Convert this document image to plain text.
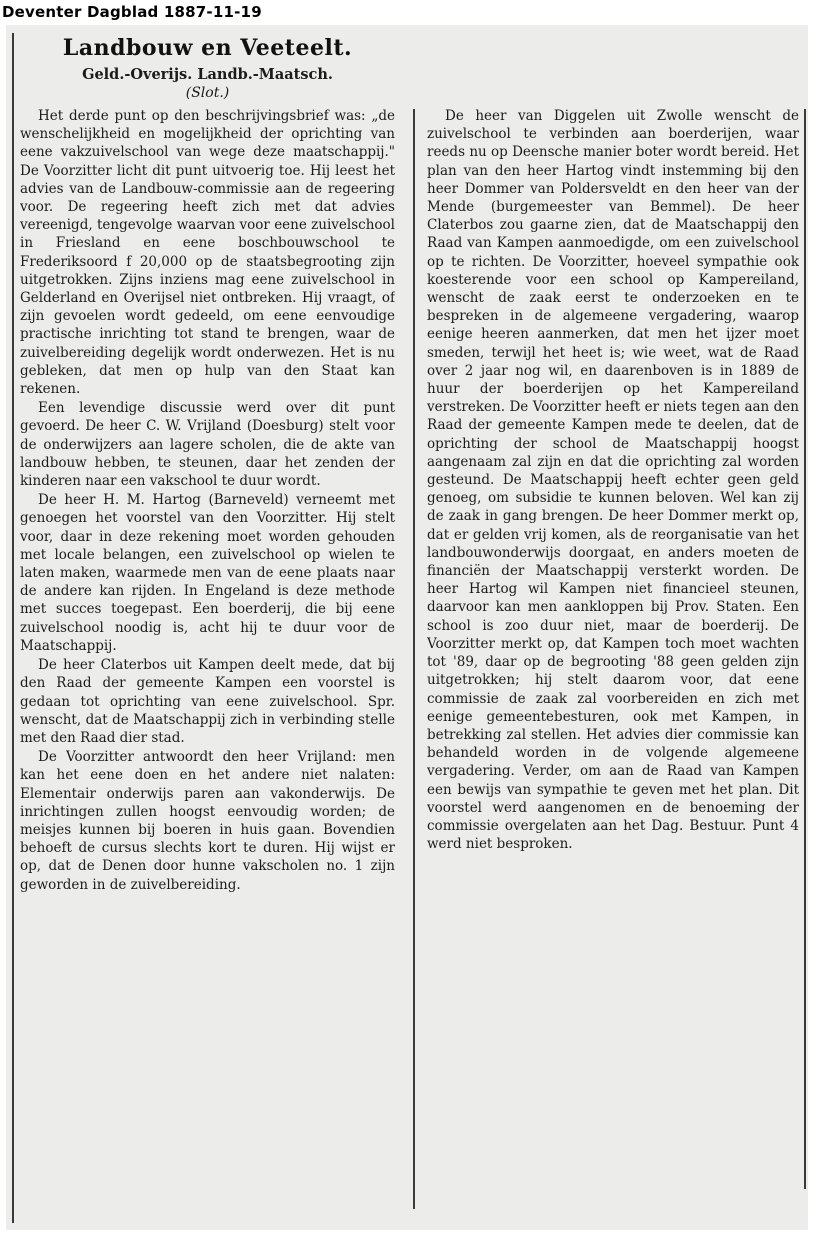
Deventer Dagblad 1887-11-19
Landbouw en Veeteelt.
Geld.-Overijs. Landb.-Maatsch.
(Slot.)

Het derde punt op den beschrijvingsbrief was: „de wenschelijkheid en mogelijkheid der oprichting van eene vakzuivelschool van wege deze maatschappij." De Voorzitter licht dit punt uitvoerig toe. Hij leest het advies van de Landbouw-commissie aan de regeering voor. De regeering heeft zich met dat advies vereenigd, tengevolge waarvan voor eene zuivelschool in Friesland en eene boschbouwschool te Frederiksoord f 20,000 op de staatsbegrooting zijn uitgetrokken. Zijns inziens mag eene zuivelschool in Gelderland en Overijsel niet ontbreken. Hij vraagt, of zijn gevoelen wordt gedeeld, om eene eenvoudige practische inrichting tot stand te brengen, waar de zuivelbereiding degelijk wordt onderwezen. Het is nu gebleken, dat men op hulp van den Staat kan rekenen.

Een levendige discussie werd over dit punt gevoerd. De heer C. W. Vrijland (Doesburg) stelt voor de onderwijzers aan lagere scholen, die de akte van landbouw hebben, te steunen, daar het zenden der kinderen naar een vakschool te duur wordt.

De heer H. M. Hartog (Barneveld) verneemt met genoegen het voorstel van den Voorzitter. Hij stelt voor, daar in deze rekening moet worden gehouden met locale belangen, een zuivelschool op wielen te laten maken, waarmede men van de eene plaats naar de andere kan rijden. In Engeland is deze methode met succes toegepast. Een boerderij, die bij eene zuivelschool noodig is, acht hij te duur voor de Maatschappij.

De heer Claterbos uit Kampen deelt mede, dat bij den Raad der gemeente Kampen een voorstel is gedaan tot oprichting van eene zuivelschool. Spr. wenscht, dat de Maatschappij zich in verbinding stelle met den Raad dier stad.

De Voorzitter antwoordt den heer Vrijland: men kan het eene doen en het andere niet nalaten: Elementair onderwijs paren aan vakonderwijs. De inrichtingen zullen hoogst eenvoudig worden; de meisjes kunnen bij boeren in huis gaan. Bovendien behoeft de cursus slechts kort te duren. Hij wijst er op, dat de Denen door hunne vakscholen no. 1 zijn geworden in de zuivelbereiding.

De heer van Diggelen uit Zwolle wenscht de zuivelschool te verbinden aan boerderijen, waar reeds nu op Deensche manier boter wordt bereid. Het plan van den heer Hartog vindt instemming bij den heer Dommer van Poldersveldt en den heer van der Mende (burgemeester van Bemmel). De heer Claterbos zou gaarne zien, dat de Maatschappij den Raad van Kampen aanmoedigde, om een zuivelschool op te richten. De Voorzitter, hoeveel sympathie ook koesterende voor een school op Kampereiland, wenscht de zaak eerst te onderzoeken en te bespreken in de algemeene vergadering, waarop eenige heeren aanmerken, dat men het ijzer moet smeden, terwijl het heet is; wie weet, wat de Raad over 2 jaar nog wil, en daarenboven is in 1889 de huur der boerderijen op het Kampereiland verstreken. De Voorzitter heeft er niets tegen aan den Raad der gemeente Kampen mede te deelen, dat de oprichting der school de Maatschappij hoogst aangenaam zal zijn en dat die oprichting zal worden gesteund. De Maatschappij heeft echter geen geld genoeg, om subsidie te kunnen beloven. Wel kan zij de zaak in gang brengen. De heer Dommer merkt op, dat er gelden vrij komen, als de reorganisatie van het landbouwonderwijs doorgaat, en anders moeten de financiën der Maatschappij versterkt worden. De heer Hartog wil Kampen niet financieel steunen, daarvoor kan men aankloppen bij Prov. Staten. Een school is zoo duur niet, maar de boerderij. De Voorzitter merkt op, dat Kampen toch moet wachten tot '89, daar op de begrooting '88 geen gelden zijn uitgetrokken; hij stelt daarom voor, dat eene commissie de zaak zal voorbereiden en zich met eenige gemeentebesturen, ook met Kampen, in betrekking zal stellen. Het advies dier commissie kan behandeld worden in de volgende algemeene vergadering. Verder, om aan de Raad van Kampen een bewijs van sympathie te geven met het plan. Dit voorstel werd aangenomen en de benoeming der commissie overgelaten aan het Dag. Bestuur. Punt 4 werd niet besproken.
